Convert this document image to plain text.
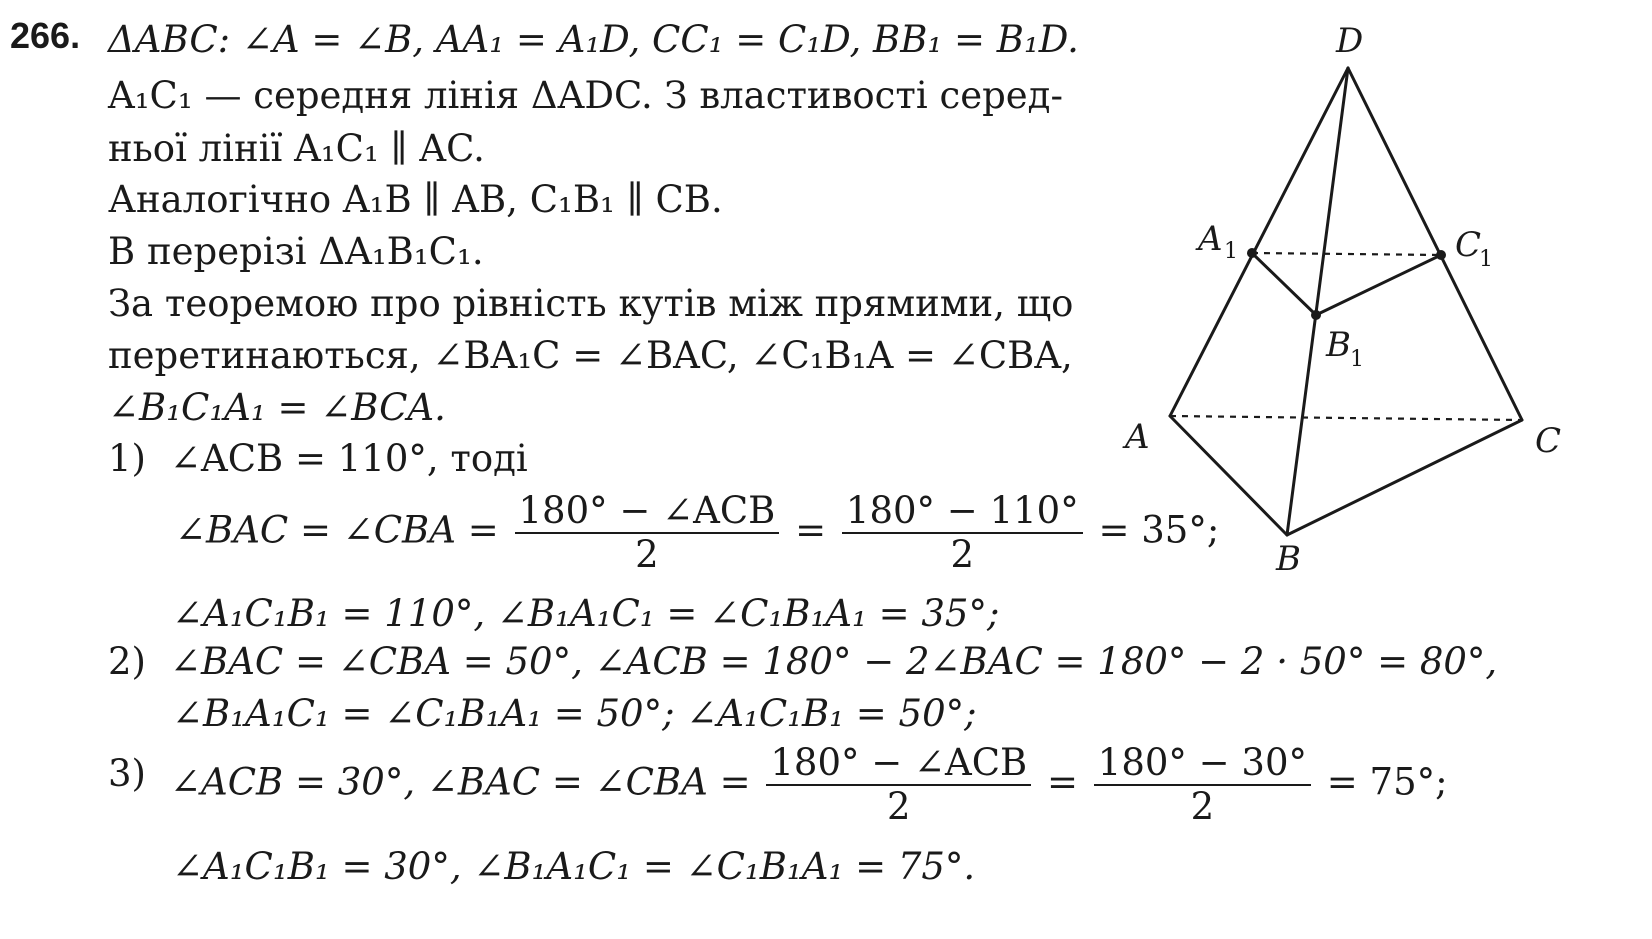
266. ΔABC: ∠A = ∠B, AA₁ = A₁D, CC₁ = C₁D, BB₁ = B₁D.
A₁C₁ — середня лінія ΔADC. З властивості серед-
ньої лінії A₁C₁ ∥ AC.
Аналогічно A₁B ∥ AB, C₁B₁ ∥ CB.
В перерізі ΔA₁B₁C₁.
За теоремою про рівність кутів між прямими, що
перетинаються, ∠BA₁C = ∠BAC, ∠C₁B₁A = ∠CBA,
∠B₁C₁A₁ = ∠BCA.
1) ∠ACB = 110°, тоді
∠BAC = ∠CBA = $\frac{\text{180° − ∠ACB}}{2} = \frac{180^\circ - 110^\circ}{2} = 35^\circ$;
∠A₁C₁B₁ = 110°, ∠B₁A₁C₁ = ∠C₁B₁A₁ = 35°;
2) ∠BAC = ∠CBA = 50°, ∠ACB = 180° − 2∠BAC = 180° − 2 · 50° = 80°,
∠B₁A₁C₁ = ∠C₁B₁A₁ = 50°; ∠A₁C₁B₁ = 50°;
3) ∠ACB = 30°, ∠BAC = ∠CBA = $\frac{\text{180° − ∠ACB}}{2} = \frac{180^\circ - 30^\circ}{2} = 75^\circ$;
∠A₁C₁B₁ = 30°, ∠B₁A₁C₁ = ∠C₁B₁A₁ = 75°.
D
A	C
B
A 1	C
1
B 1
